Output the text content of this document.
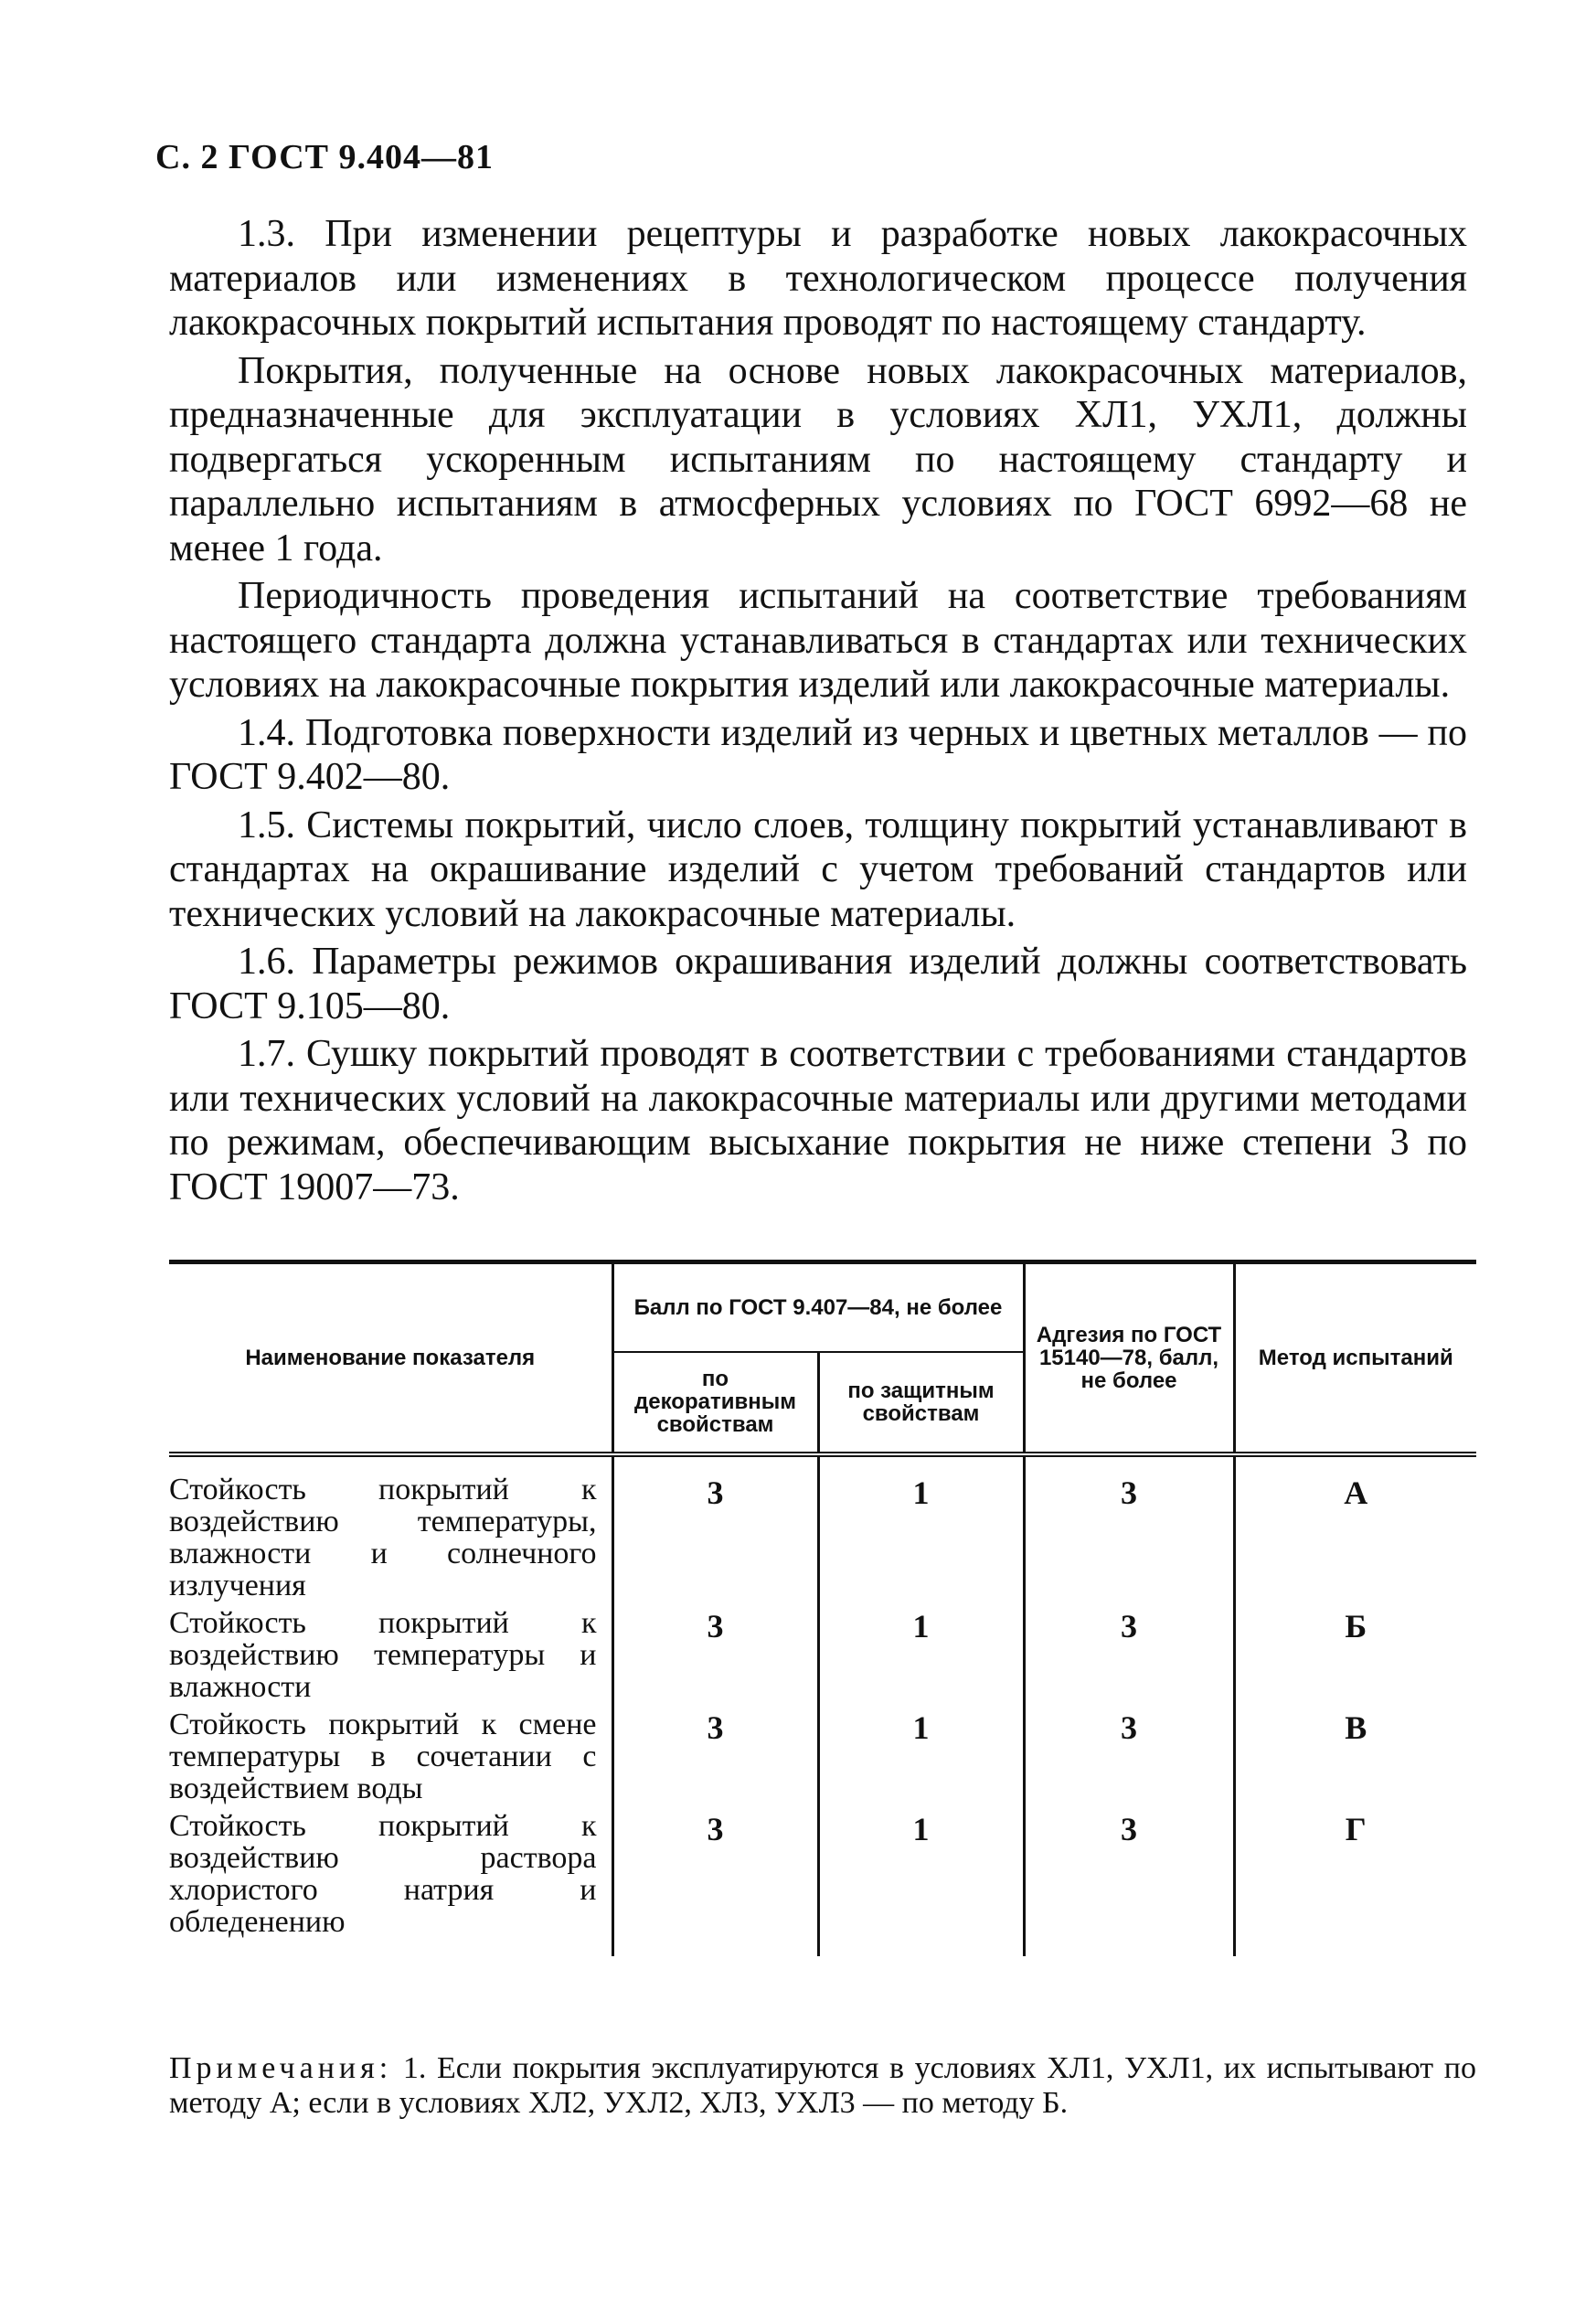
С. 2 ГОСТ 9.404—81

1.3. При изменении рецептуры и разработке новых лакокрасочных материалов или изменениях в технологическом процессе получения лакокрасочных покрытий испытания проводят по настоящему стандарту.

Покрытия, полученные на основе новых лакокрасочных материалов, предназначенные для эксплуатации в условиях ХЛ1, УХЛ1, должны подвергаться ускоренным испытаниям по настоящему стандарту и параллельно испытаниям в атмосферных условиях по ГОСТ 6992—68 не менее 1 года.

Периодичность проведения испытаний на соответствие требованиям настоящего стандарта должна устанавливаться в стандартах или технических условиях на лакокрасочные покрытия изделий или лакокрасочные материалы.

1.4. Подготовка поверхности изделий из черных и цветных металлов — по ГОСТ 9.402—80.

1.5. Системы покрытий, число слоев, толщину покрытий устанавливают в стандартах на окрашивание изделий с учетом требований стандартов или технических условий на лакокрасочные материалы.

1.6. Параметры режимов окрашивания изделий должны соответствовать ГОСТ 9.105—80.

1.7. Сушку покрытий проводят в соответствии с требованиями стандартов или технических условий на лакокрасочные материалы или другими методами по режимам, обеспечивающим высыхание покрытия не ниже степени 3 по ГОСТ 19007—73.

Наименование показателя	Балл по ГОСТ 9.407—84, не более		Адгезия по ГОСТ 15140—78, балл, не более	Метод испытаний
	по декоративным свойствам	по защитным свойствам		
Стойкость покрытий к воздействию температуры, влажности и солнечного излучения	3	1	3	А
Стойкость покрытий к воздействию температуры и влажности	3	1	3	Б
Стойкость покрытий к смене температуры в сочетании с воздействием воды	3	1	3	В
Стойкость покрытий к воздействию раствора хлористого натрия и обледенению	3	1	3	Г
Примечания: 1. Если покрытия эксплуатируются в условиях ХЛ1, УХЛ1, их испытывают по методу А; если в условиях ХЛ2, УХЛ2, ХЛ3, УХЛ3 — по методу Б.
